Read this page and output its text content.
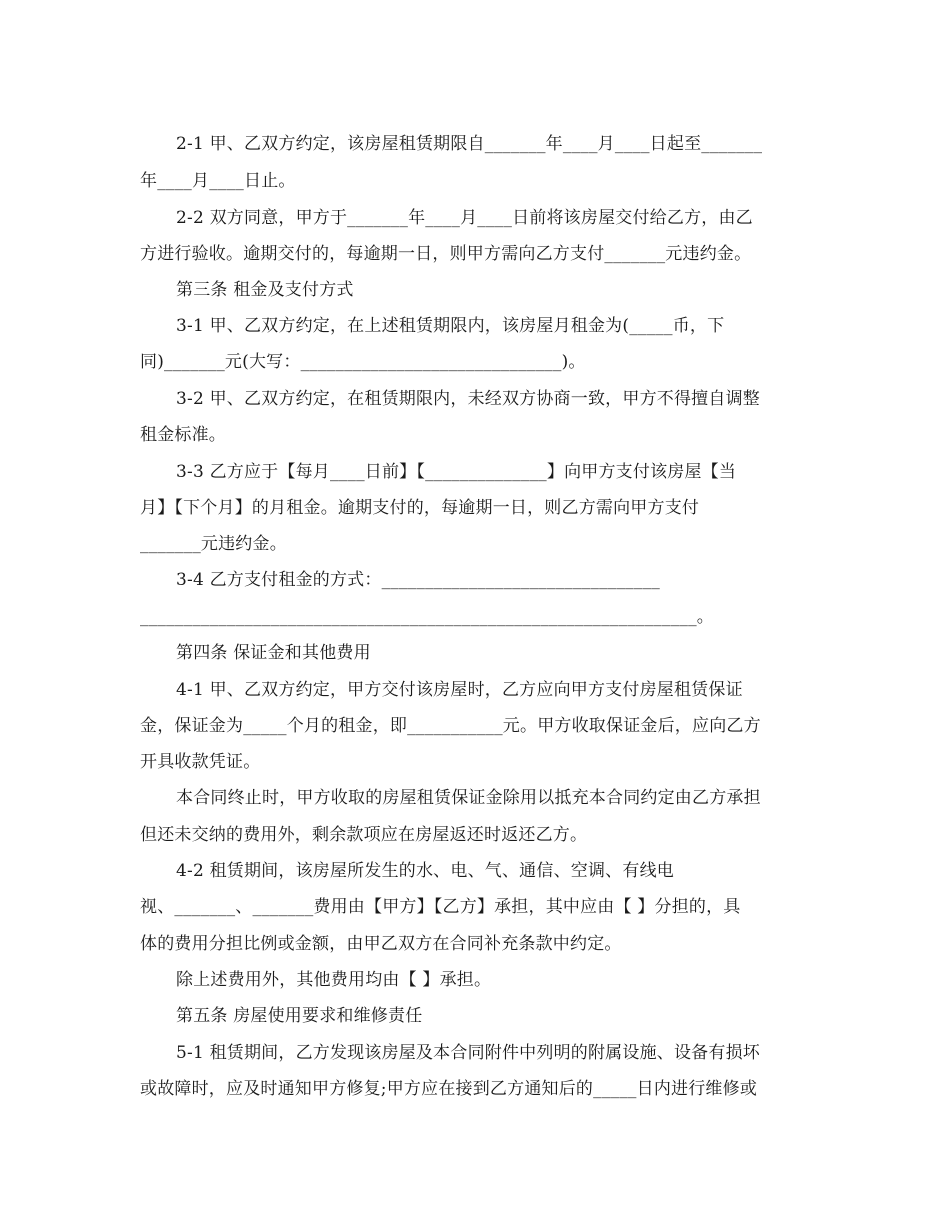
2-1 甲、乙双方约定，该房屋租赁期限自_______年____月____日起至_______
年____月____日止。
2-2 双方同意，甲方于_______年____月____日前将该房屋交付给乙方，由乙
方进行验收。逾期交付的，每逾期一日，则甲方需向乙方支付_______元违约金。
第三条 租金及支付方式
3-1 甲、乙双方约定，在上述租赁期限内，该房屋月租金为(_____币，下
同)_______元(大写：______________________________)。
3-2 甲、乙双方约定，在租赁期限内，未经双方协商一致，甲方不得擅自调整
租金标准。
3-3 乙方应于【每月____日前】【______________】向甲方支付该房屋【当
月】【下个月】的月租金。逾期支付的，每逾期一日，则乙方需向甲方支付
_______元违约金。
3-4 乙方支付租金的方式：________________________________
________________________________________________________________。
第四条 保证金和其他费用
4-1 甲、乙双方约定，甲方交付该房屋时，乙方应向甲方支付房屋租赁保证
金，保证金为_____个月的租金，即___________元。甲方收取保证金后，应向乙方
开具收款凭证。
本合同终止时，甲方收取的房屋租赁保证金除用以抵充本合同约定由乙方承担
但还未交纳的费用外，剩余款项应在房屋返还时返还乙方。
4-2 租赁期间，该房屋所发生的水、电、气、通信、空调、有线电
视、_______、_______费用由【甲方】【乙方】承担，其中应由【 】分担的，具
体的费用分担比例或金额，由甲乙双方在合同补充条款中约定。
除上述费用外，其他费用均由【 】承担。
第五条 房屋使用要求和维修责任
5-1 租赁期间，乙方发现该房屋及本合同附件中列明的附属设施、设备有损坏
或故障时，应及时通知甲方修复;甲方应在接到乙方通知后的_____日内进行维修或
